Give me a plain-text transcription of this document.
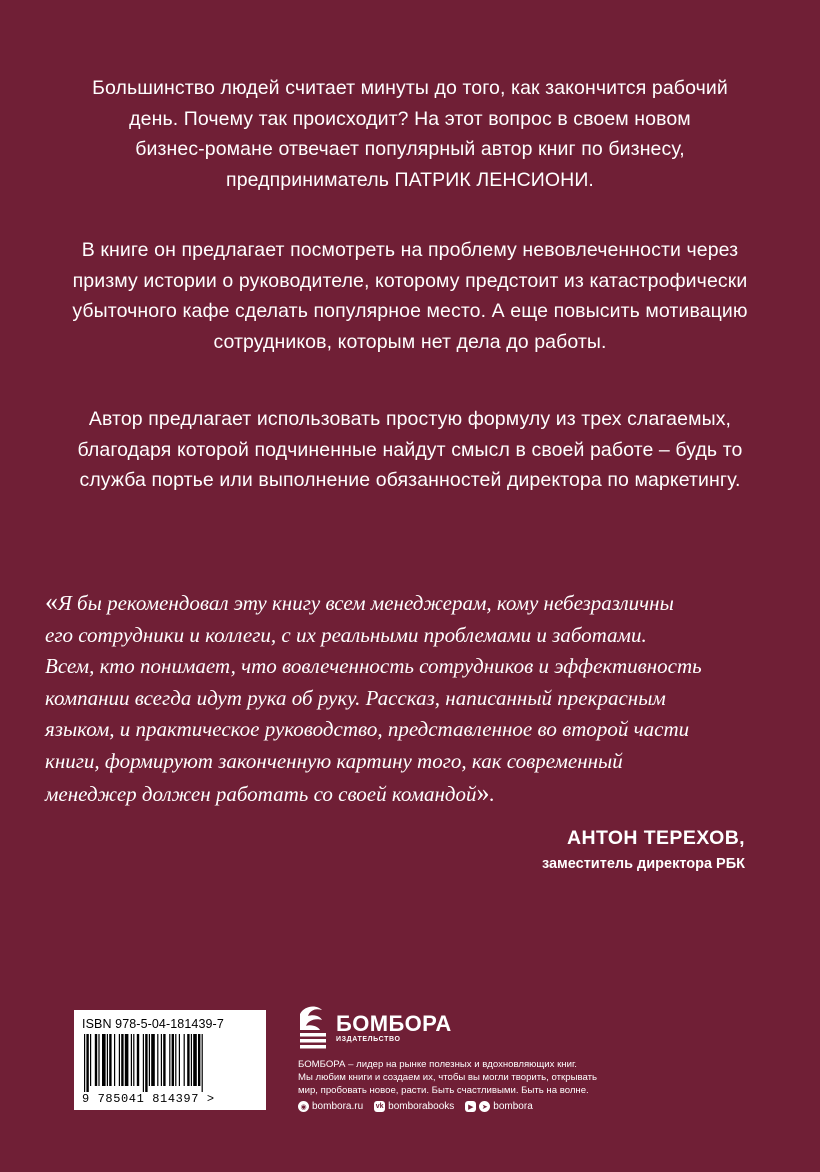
Большинство людей считает минуты до того, как закончится рабочий
день. Почему так происходит? На этот вопрос в своем новом
бизнес-романе отвечает популярный автор книг по бизнесу,
предприниматель ПАТРИК ЛЕНСИОНИ.

В книге он предлагает посмотреть на проблему невовлеченности через
призму истории о руководителе, которому предстоит из катастрофически
убыточного кафе сделать популярное место. А еще повысить мотивацию
сотрудников, которым нет дела до работы.

Автор предлагает использовать простую формулу из трех слагаемых,
благодаря которой подчиненные найдут смысл в своей работе – будь то
служба портье или выполнение обязанностей директора по маркетингу.

«Я бы рекомендовал эту книгу всем менеджерам, кому небезразличны
его сотрудники и коллеги, с их реальными проблемами и заботами.
Всем, кто понимает, что вовлеченность сотрудников и эффективность
компании всегда идут рука об руку. Рассказ, написанный прекрасным
языком, и практическое руководство, представленное во второй части
книги, формируют законченную картину того, как современный
менеджер должен работать со своей командой».

АНТОН ТЕРЕХОВ,
заместитель директора РБК
ISBN 978-5-04-181439-7
9 785041 814397 >
БОМБОРА
ИЗДАТЕЛЬСТВО

БОМБОРА – лидер на рынке полезных и вдохновляющих книг.
Мы любим книги и создаем их, чтобы вы могли творить, открывать
мир, пробовать новое, расти. Быть счастливыми. Быть на волне.

◉ bombora.ru vk bomborabooks	▶	➤ bombora
